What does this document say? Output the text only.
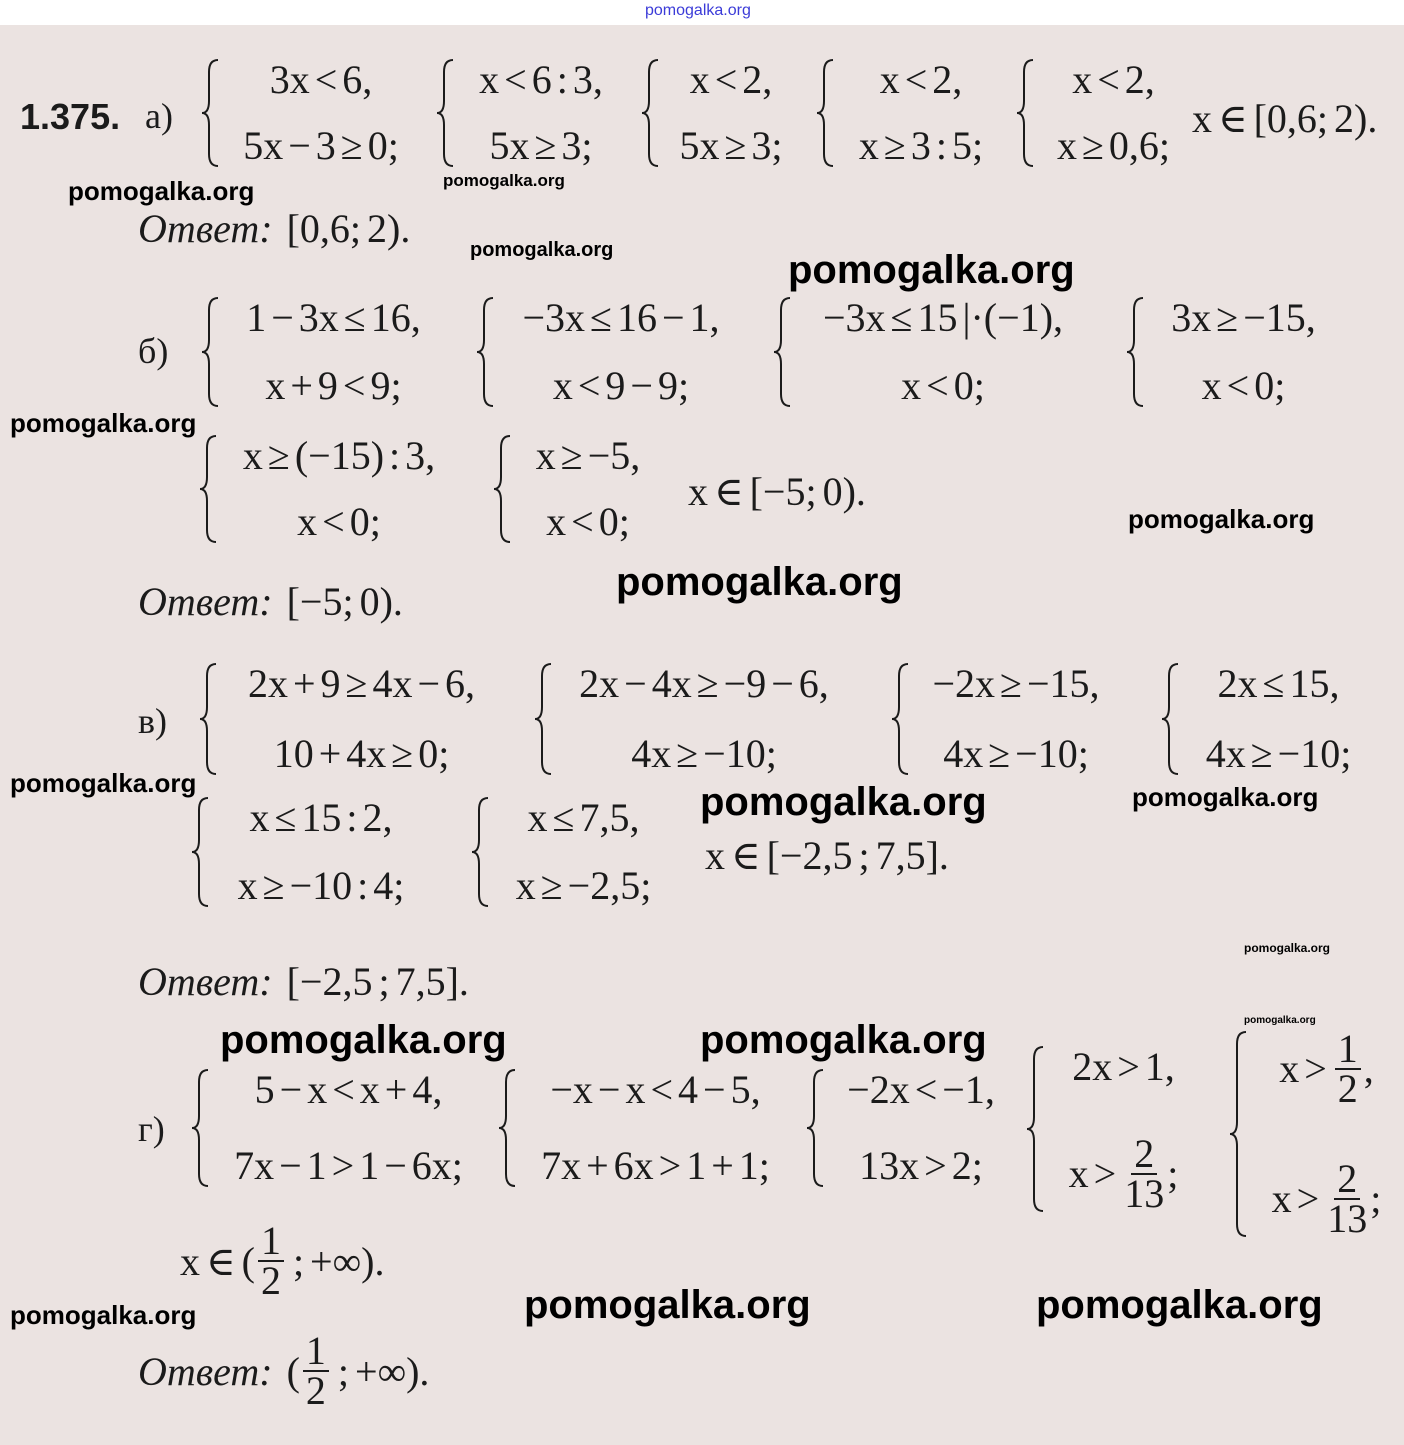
1.375. а)
3x < 6,
5x − 3 ≥ 0;
x < 6 : 3,
5x ≥ 3;
x < 2,
5x ≥ 3;
x < 2,
x ≥ 3 : 5;
x < 2,
x ≥ 0,6;
x ∈ [0,6; 2).
Ответ: [0,6; 2).
б)
1 − 3x ≤ 16,
x + 9 < 9;
−3x ≤ 16 − 1,
x < 9 − 9;
−3x ≤ 15 |·(−1),
x < 0;
3x ≥ −15,
x < 0;
x ≥ (−15) : 3,
x < 0;
x ≥ −5,
x < 0;
x ∈ [−5; 0).
Ответ: [−5; 0).
в)
2x + 9 ≥ 4x − 6,
10 + 4x ≥ 0;
2x − 4x ≥ −9 − 6,
4x ≥ −10;
−2x ≥ −15,
4x ≥ −10;
2x ≤ 15,
4x ≥ −10;
x ≤ 15 : 2,
x ≥ −10 : 4;
x ≤ 7,5,
x ≥ −2,5;
x ∈ [−2,5 ; 7,5].
Ответ: [−2,5 ; 7,5].
г)
5 − x < x + 4,
7x − 1 > 1 − 6x;
−x − x < 4 − 5,
7x + 6x > 1 + 1;
−2x < −1,
13x > 2;
2x > 1,
$x > \frac{2}{13}$ ;
$x > \frac{1}{2}$ ,
$x > \frac{2}{13}$ ;
x ∈ ( $\frac{1}{2}$ ; +∞).
Ответ: ( $\frac{1}{2}$ ; +∞).
pomogalka.org
pomogalka.org
pomogalka.org
pomogalka.org	pomogalka.org
pomogalka.org
pomogalka.org
pomogalka.org
pomogalka.org	pomogalka.org	pomogalka.org
pomogalka.org
pomogalka.org
pomogalka.org	pomogalka.org
pomogalka.org	pomogalka.org	pomogalka.org
